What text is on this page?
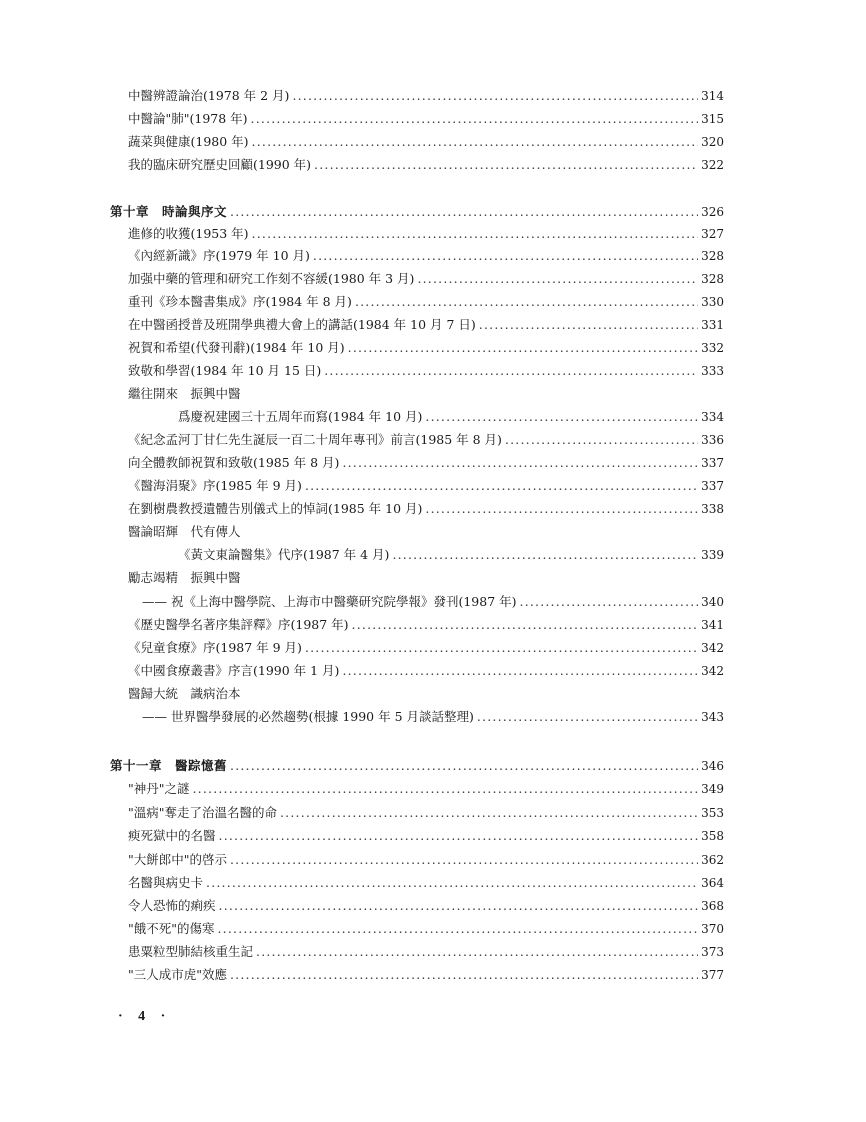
中醫辨證論治(1978 年 2 月) .....	314
中醫論"肺"(1978 年) .....	315
蔬菜與健康(1980 年) .....	320
我的臨床研究歷史回顧(1990 年) .....	322
第十章　時論與序文 .....	326
進修的收獲(1953 年) .....	327
《內經新識》序(1979 年 10 月) .....	328
加强中藥的管理和研究工作刻不容緩(1980 年 3 月) .....	328
重刊《珍本醫書集成》序(1984 年 8 月) .....	330
在中醫函授普及班開學典禮大會上的講話(1984 年 10 月 7 日) .....	331
祝賀和希望(代發刊辭)(1984 年 10 月) .....	332
致敬和學習(1984 年 10 月 15 日) .....	333
繼往開來　振興中醫
爲慶祝建國三十五周年而寫(1984 年 10 月) .....	334
《紀念孟河丁甘仁先生誕辰一百二十周年專刊》前言(1985 年 8 月) .....	336
向全體教師祝賀和致敬(1985 年 8 月) .....	337
《醫海涓聚》序(1985 年 9 月) .....	337
在劉樹農教授遺體告別儀式上的悼詞(1985 年 10 月) .....	338
醫論昭輝　代有傳人
《黃文東論醫集》代序(1987 年 4 月) .....	339
勵志竭精　振興中醫
—— 祝《上海中醫學院、上海市中醫藥研究院學報》發刊(1987 年) .....	340
《歷史醫學名著序集評釋》序(1987 年) .....	341
《兒童食療》序(1987 年 9 月) .....	342
《中國食療叢書》序言(1990 年 1 月) .....	342
醫歸大統　識病治本
—— 世界醫學發展的必然趨勢(根據 1990 年 5 月談話整理) .....	343
第十一章　醫踪憶舊 .....	346
"神丹"之謎 .....	349
"溫病"奪走了治溫名醫的命 .....	353
瘐死獄中的名醫 .....	358
"大餅郎中"的啓示 .....	362
名醫與病史卡 .....	364
令人恐怖的痢疾 .....	368
"餓不死"的傷寒 .....	370
患粟粒型肺結核重生記 .....	373
"三人成市虎"效應 .....	377
· 4 ·
